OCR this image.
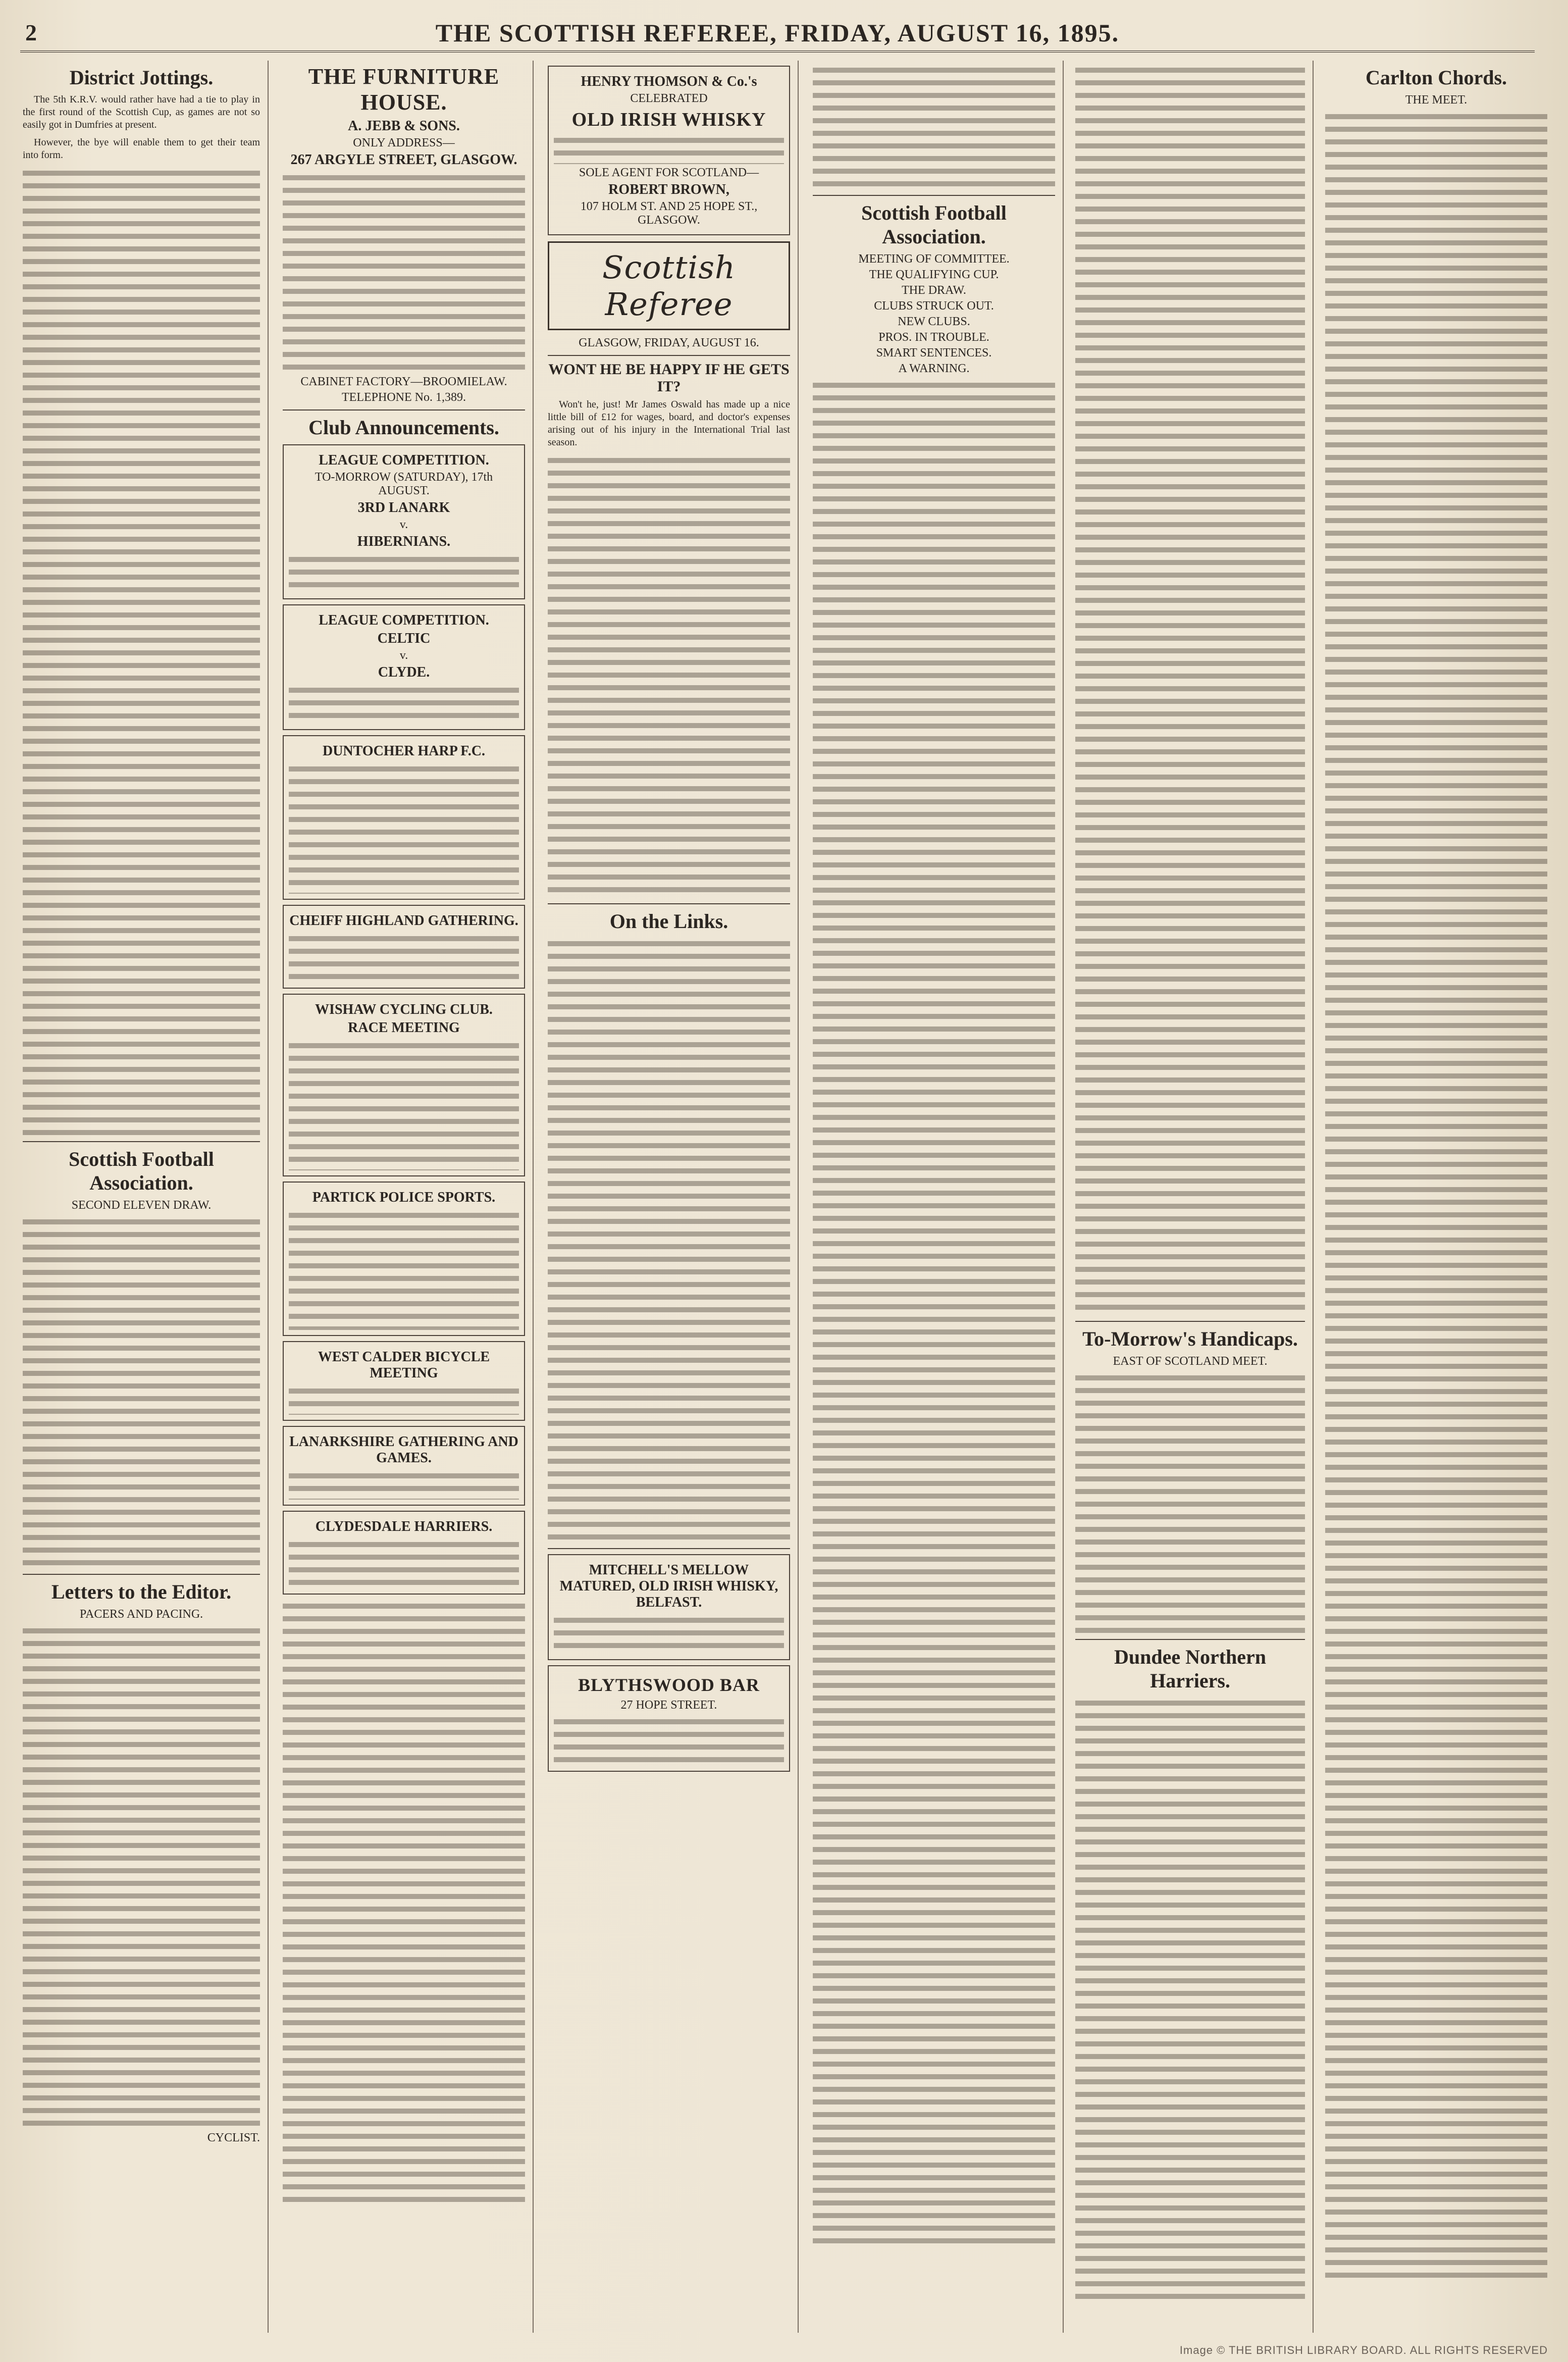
2	THE SCOTTISH REFEREE, FRIDAY, AUGUST 16, 1895.
District Jottings.

The 5th K.R.V. would rather have had a tie to play in the first round of the Scottish Cup, as games are not so easily got in Dumfries at present.

However, the bye will enable them to get their team into form.

Scottish Football Association.
SECOND ELEVEN DRAW.
Letters to the Editor.
PACERS AND PACING.
CYCLIST.
THE FURNITURE HOUSE.
A. JEBB & SONS.
ONLY ADDRESS—
267 ARGYLE STREET, GLASGOW.
CABINET FACTORY—BROOMIELAW.
TELEPHONE No. 1,389.
Club Announcements.
LEAGUE COMPETITION.
TO-MORROW (SATURDAY), 17th AUGUST.
3RD LANARK
v.
HIBERNIANS.
LEAGUE COMPETITION.
CELTIC
v.
CLYDE.
DUNTOCHER HARP F.C.
CHEIFF HIGHLAND GATHERING.
WISHAW CYCLING CLUB.
RACE MEETING
PARTICK POLICE SPORTS.
WEST CALDER BICYCLE MEETING
LANARKSHIRE GATHERING AND GAMES.
CLYDESDALE HARRIERS.
HENRY THOMSON & Co.'s
CELEBRATED
OLD IRISH WHISKY
SOLE AGENT FOR SCOTLAND—
ROBERT BROWN,
107 HOLM ST. AND 25 HOPE ST., GLASGOW.
Scottish Referee
GLASGOW, FRIDAY, AUGUST 16.
WONT HE BE HAPPY IF HE GETS IT?

Won't he, just! Mr James Oswald has made up a nice little bill of £12 for wages, board, and doctor's expenses arising out of his injury in the International Trial last season.

On the Links.
MITCHELL'S MELLOW MATURED, OLD IRISH WHISKY, BELFAST.
BLYTHSWOOD BAR
27 HOPE STREET.
Scottish Football Association.
MEETING OF COMMITTEE.
THE QUALIFYING CUP.
THE DRAW.
CLUBS STRUCK OUT.
NEW CLUBS.
PROS. IN TROUBLE.
SMART SENTENCES.
A WARNING.
To-Morrow's Handicaps.
EAST OF SCOTLAND MEET.
Dundee Northern Harriers.
Carlton Chords.
THE MEET.
Image © THE BRITISH LIBRARY BOARD. ALL RIGHTS RESERVED
